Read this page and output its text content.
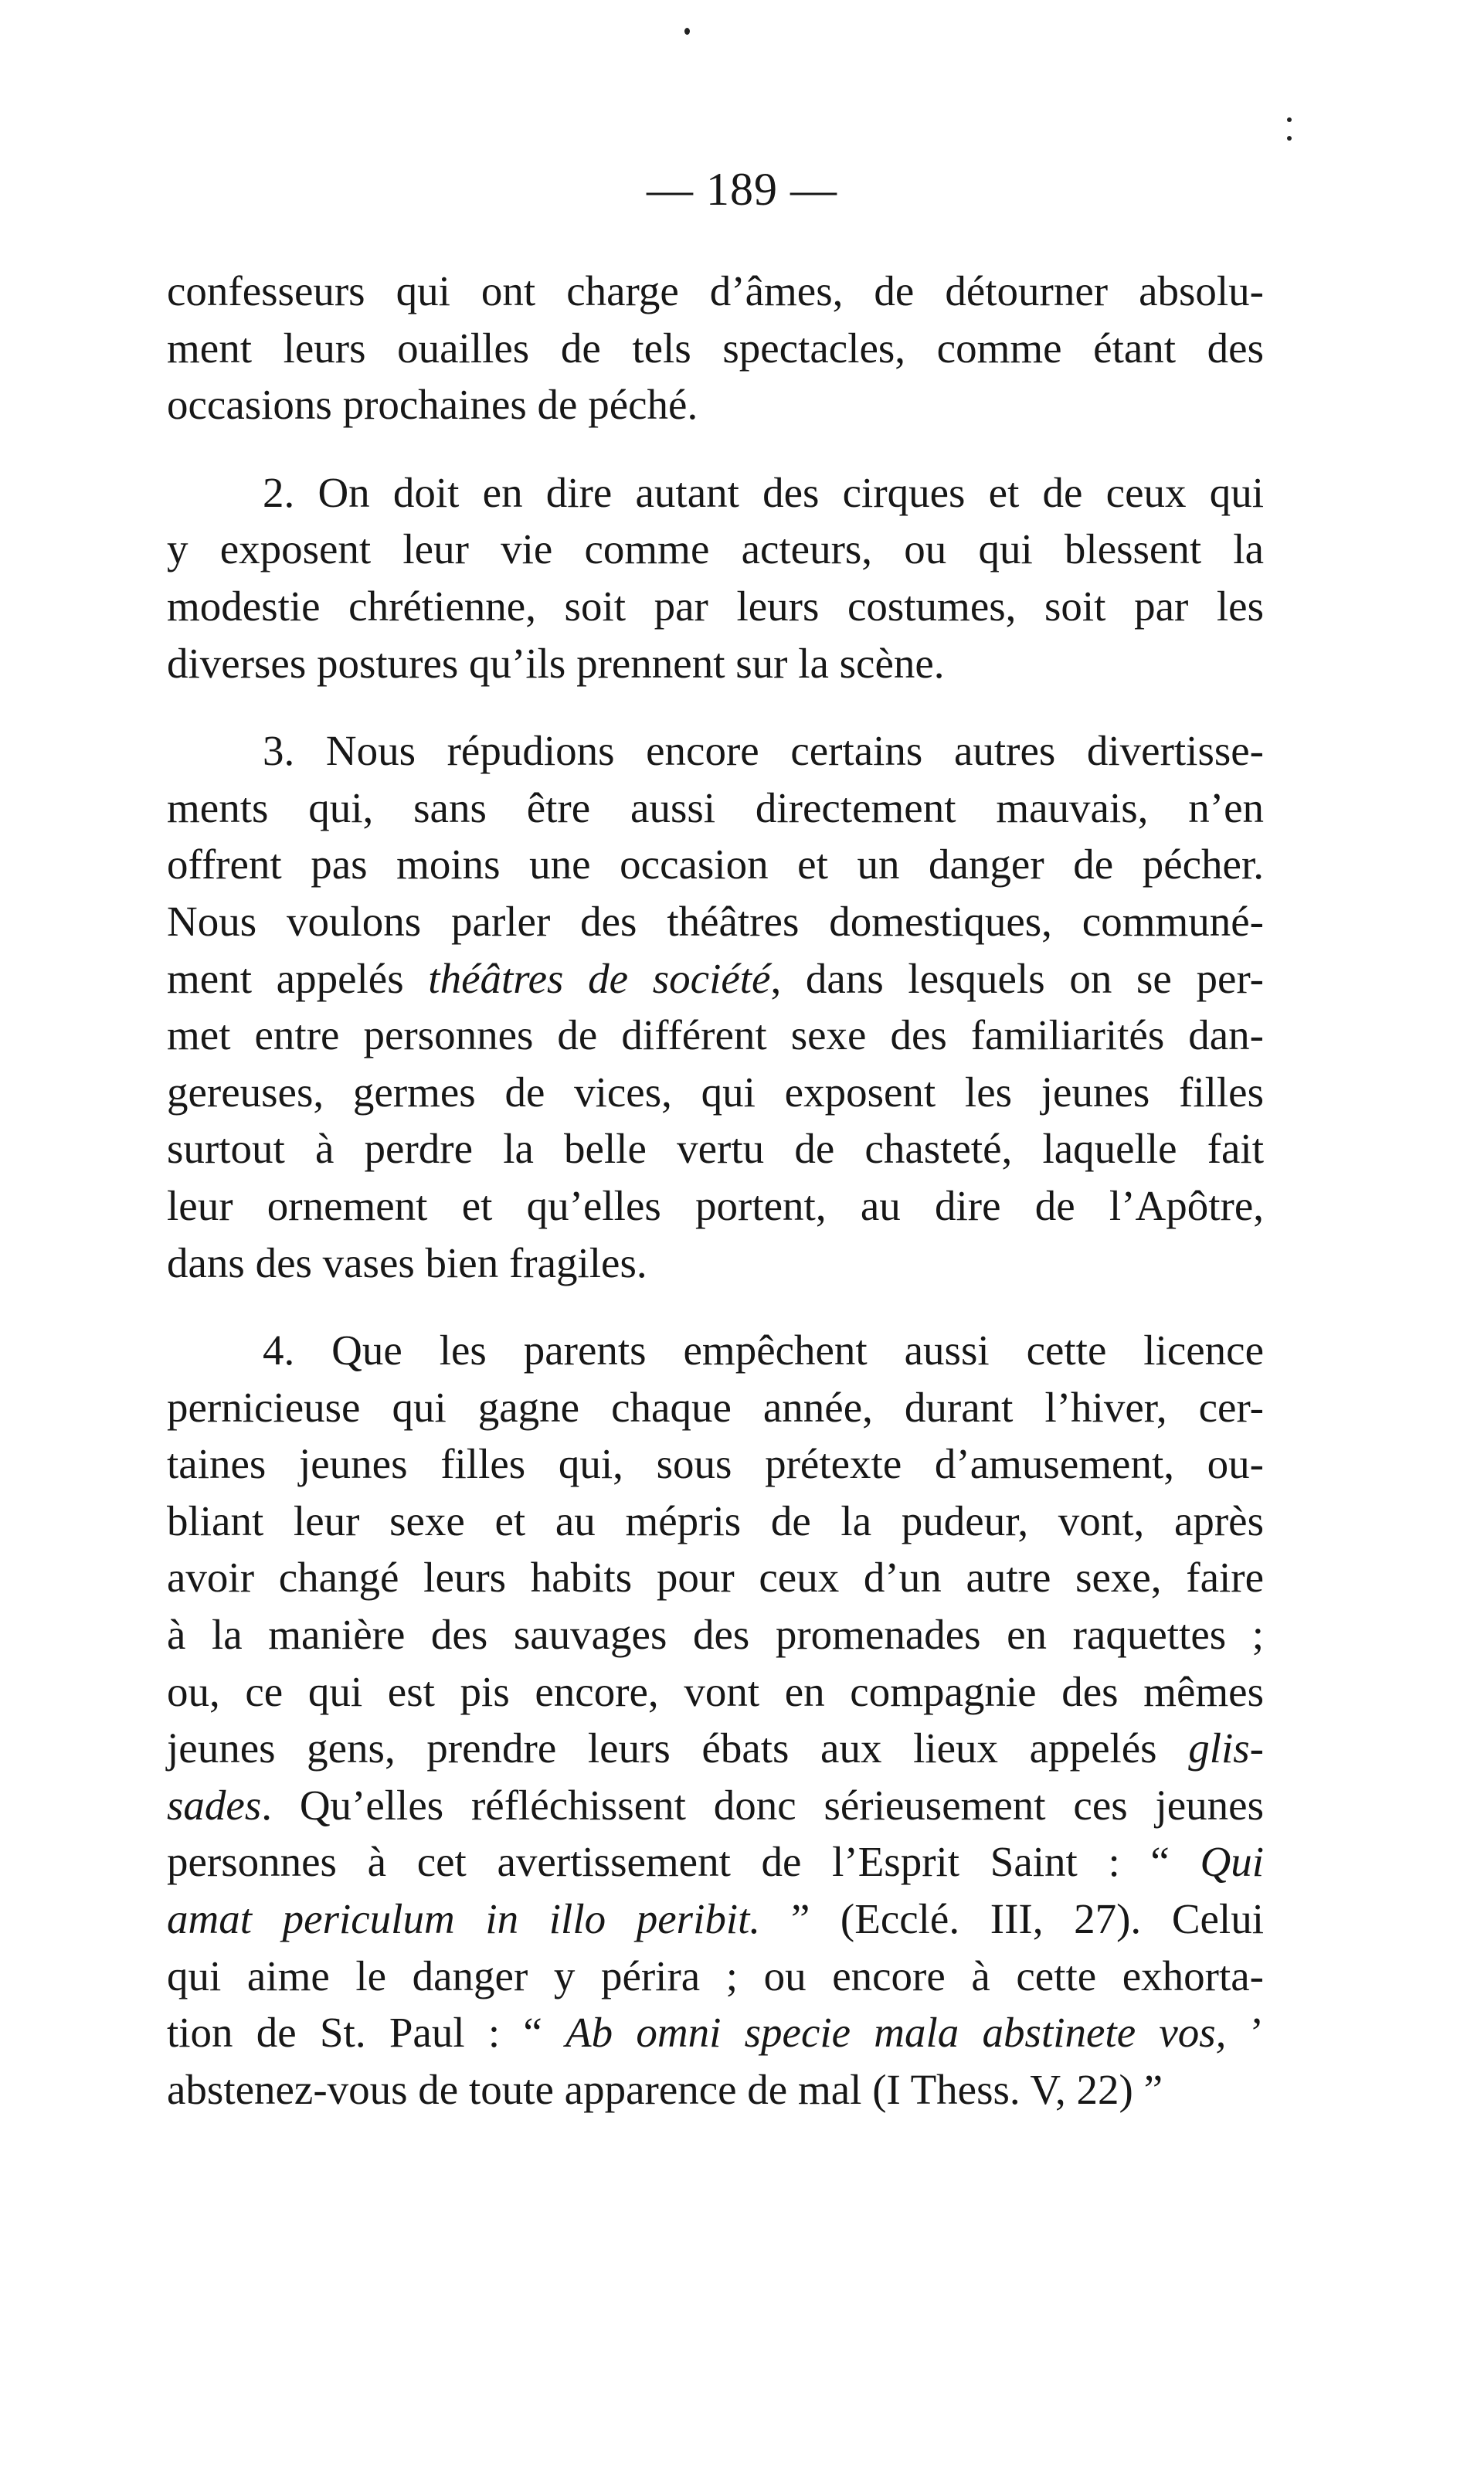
— 189 —

confesseurs qui ont charge d’âmes, de détourner absolu-
ment leurs ouailles de tels spectacles, comme étant des
occasions prochaines de péché.

2. On doit en dire autant des cirques et de ceux qui
y exposent leur vie comme acteurs, ou qui blessent la
modestie chrétienne, soit par leurs costumes, soit par les
diverses postures qu’ils prennent sur la scène.

3. Nous répudions encore certains autres divertisse-
ments qui, sans être aussi directement mauvais, n’en
offrent pas moins une occasion et un danger de pécher.
Nous voulons parler des théâtres domestiques, communé-
ment appelés théâtres de société, dans lesquels on se per-
met entre personnes de différent sexe des familiarités dan-
gereuses, germes de vices, qui exposent les jeunes filles
surtout à perdre la belle vertu de chasteté, laquelle fait
leur ornement et qu’elles portent, au dire de l’Apôtre,
dans des vases bien fragiles.

4. Que les parents empêchent aussi cette licence
pernicieuse qui gagne chaque année, durant l’hiver, cer-
taines jeunes filles qui, sous prétexte d’amusement, ou-
bliant leur sexe et au mépris de la pudeur, vont, après
avoir changé leurs habits pour ceux d’un autre sexe, faire
à la manière des sauvages des promenades en raquettes ;
ou, ce qui est pis encore, vont en compagnie des mêmes
jeunes gens, prendre leurs ébats aux lieux appelés glis-
sades. Qu’elles réfléchissent donc sérieusement ces jeunes
personnes à cet avertissement de l’Esprit Saint : “ Qui
amat periculum in illo peribit. ” (Ecclé. III, 27). Celui
qui aime le danger y périra ; ou encore à cette exhorta-
tion de St. Paul : “ Ab omni specie mala abstinete vos, ’
abstenez-vous de toute apparence de mal (I Thess. V, 22) ”
